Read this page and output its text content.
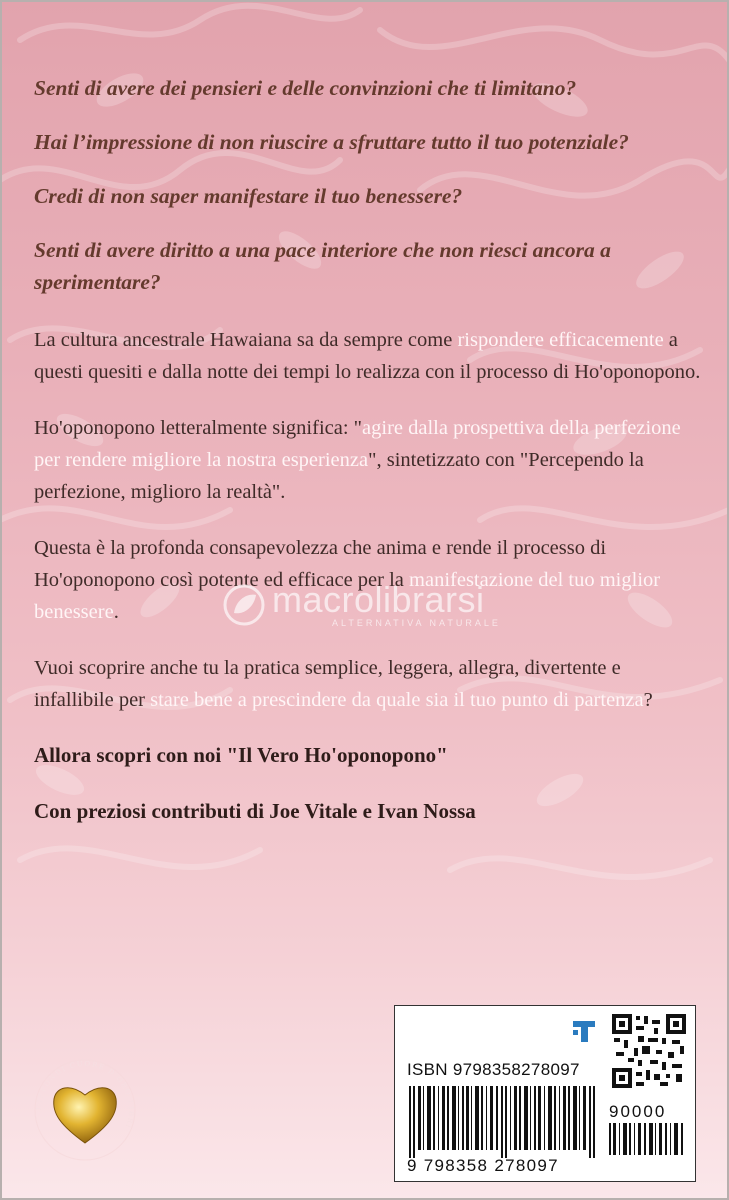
Senti di avere dei pensieri e delle convinzioni che ti limitano?

Hai l’impressione di non riuscire a sfruttare tutto il tuo potenziale?

Credi di non saper manifestare il tuo benessere?

Senti di avere diritto a una pace interiore che non riesci ancora a sperimentare?

La cultura ancestrale Hawaiana sa da sempre come rispondere efficacemente a questi quesiti e dalla notte dei tempi lo realizza con il processo di Ho'oponopono.

Ho'oponopono letteralmente significa: "agire dalla prospettiva della perfezione per rendere migliore la nostra esperienza", sintetizzato con "Percependo la perfezione, miglioro la realtà".

Questa è la profonda consapevolezza che anima e rende il processo di Ho'oponopono così potente ed efficace per la manifestazione del tuo miglior benessere.

Vuoi scoprire anche tu la pratica semplice, leggera, allegra, divertente e infallibile per stare bene a prescindere da quale sia il tuo punto di partenza?

Allora scopri con noi "Il Vero Ho'oponopono"

Con preziosi contributi di Joe Vitale e Ivan Nossa

macrolibrarsi
ALTERNATIVA NATURALE
DIFFONDI CUORE D'ORO LIBRI
ISBN 9798358278097
90000
9 798358 278097
